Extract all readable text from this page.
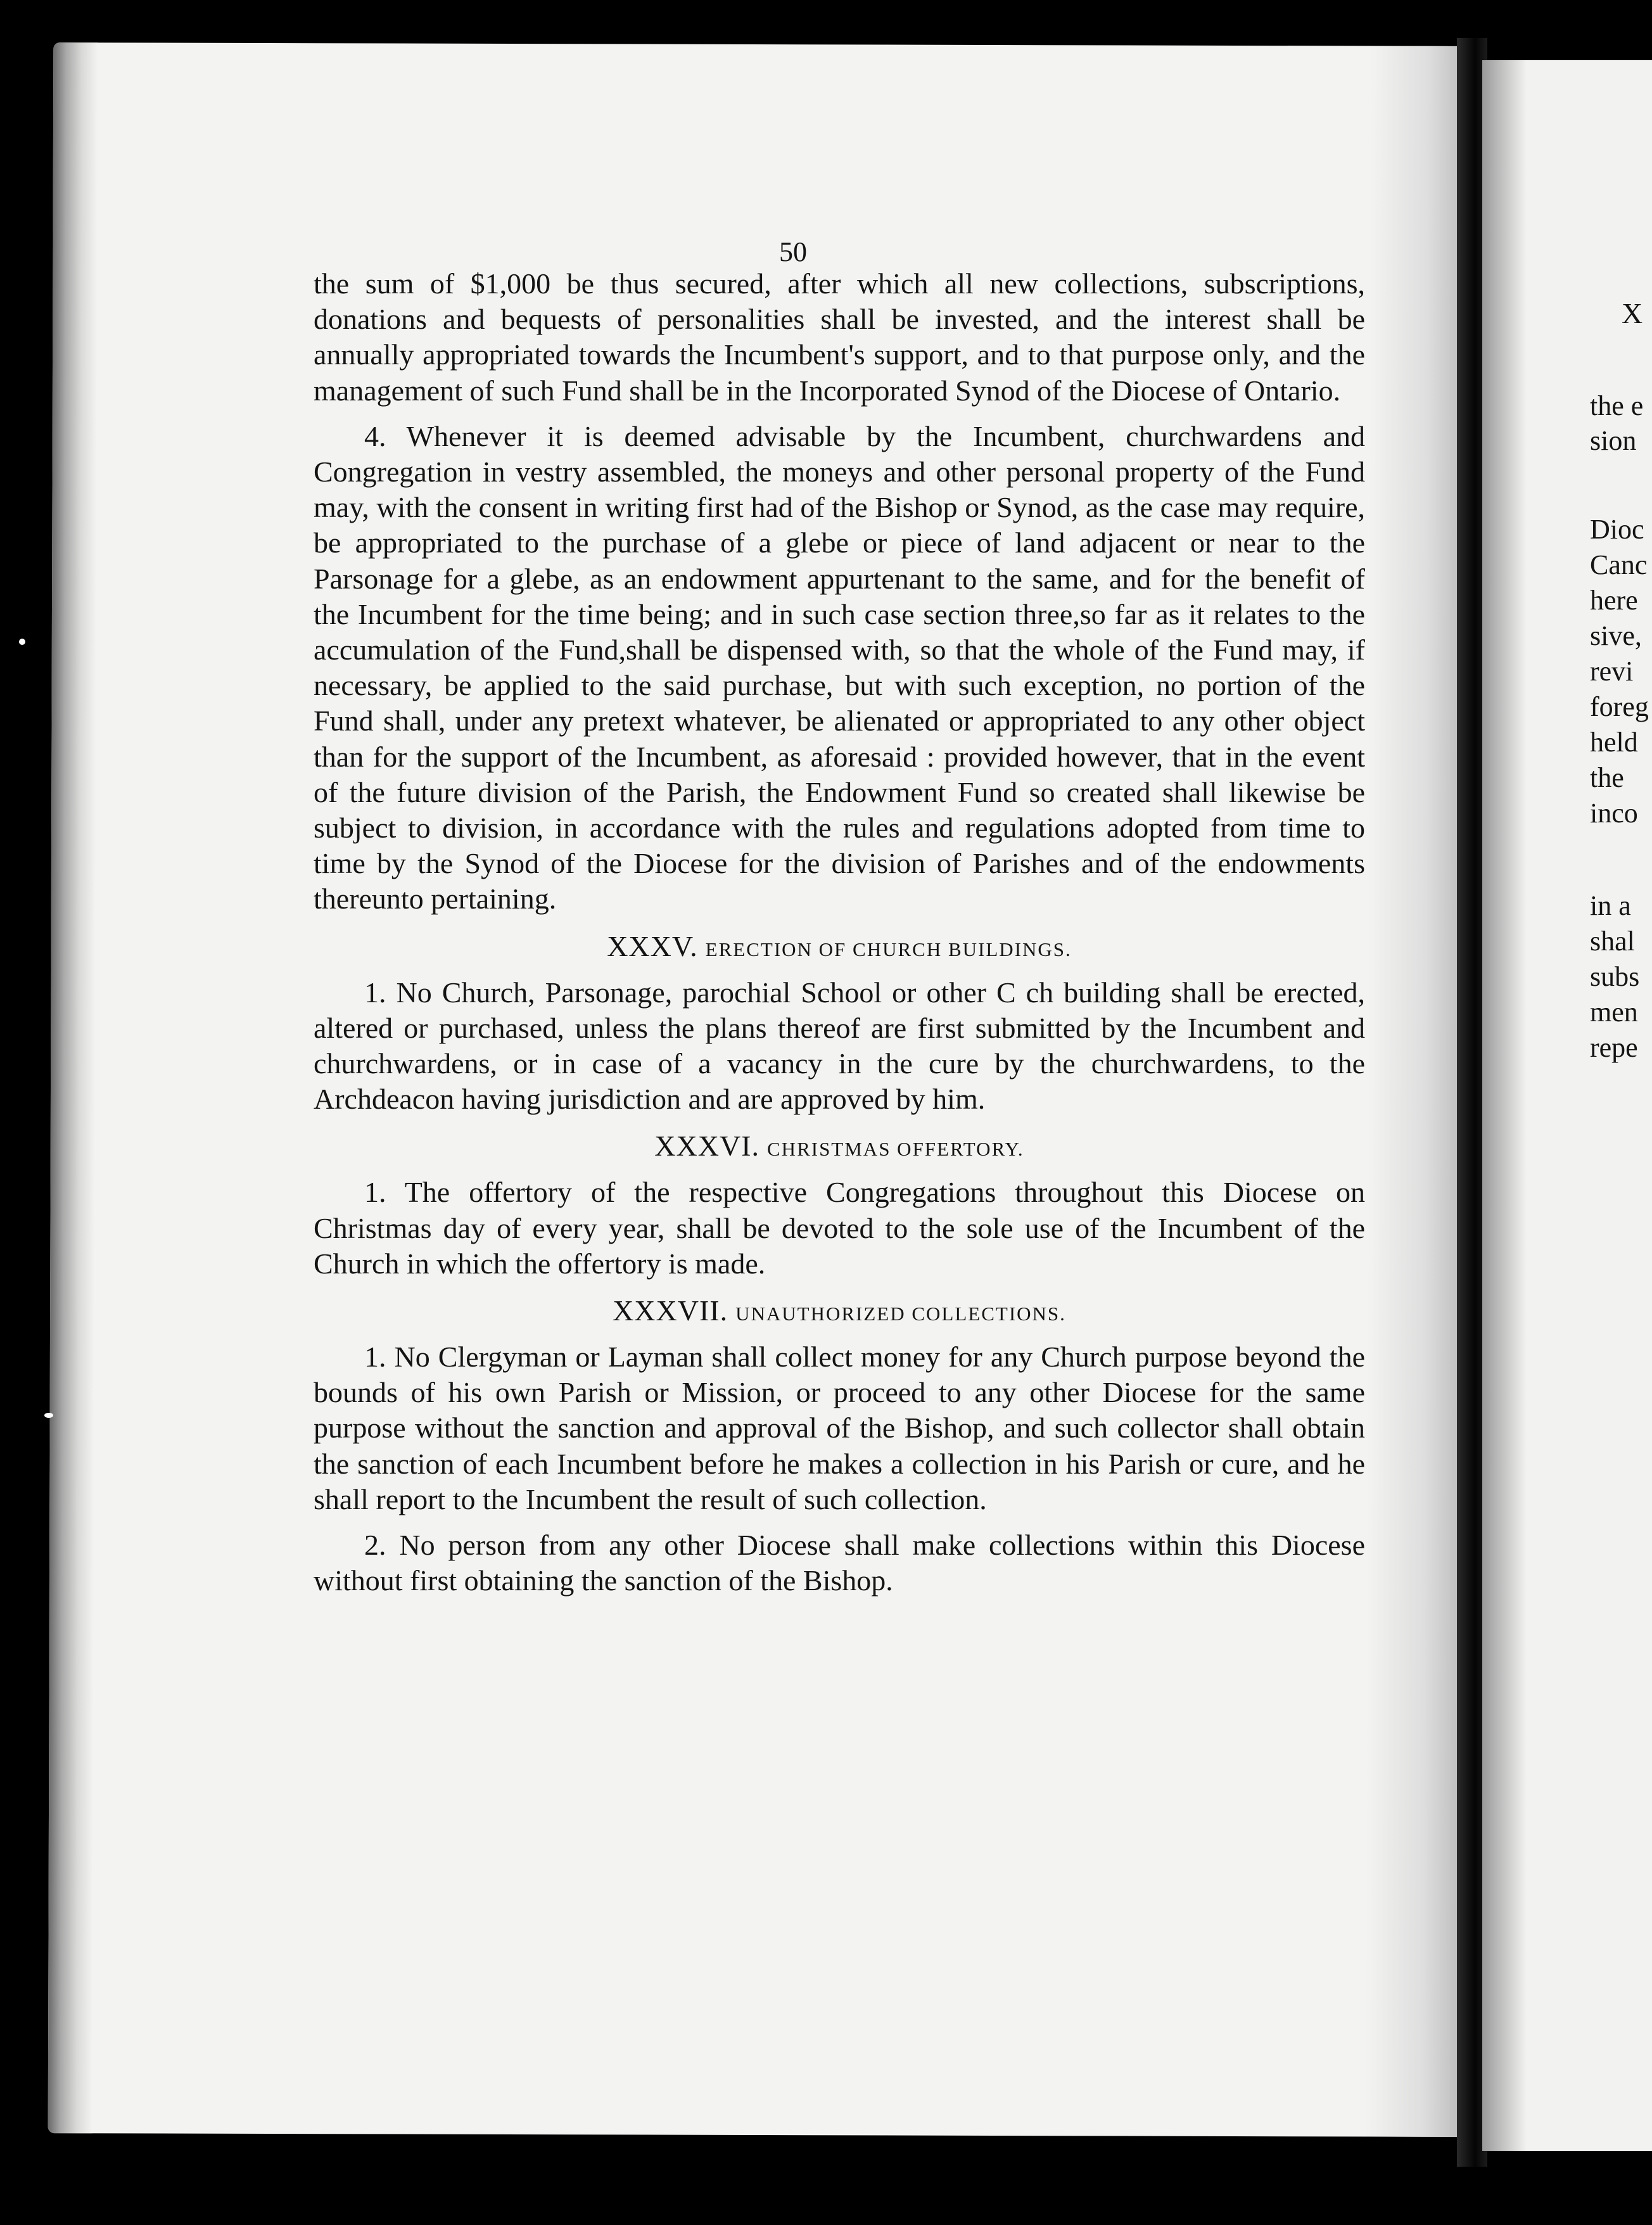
50

the sum of $1,000 be thus secured, after which all new collections, subscriptions, donations and bequests of personalities shall be invested, and the interest shall be annually appropriated towards the Incumbent's support, and to that purpose only, and the management of such Fund shall be in the Incorporated Synod of the Diocese of Ontario.

4. Whenever it is deemed advisable by the Incumbent, churchwardens and Congregation in vestry assembled, the moneys and other personal property of the Fund may, with the consent in writing first had of the Bishop or Synod, as the case may require, be appropriated to the purchase of a glebe or piece of land adjacent or near to the Parsonage for a glebe, as an endowment appurtenant to the same, and for the benefit of the Incumbent for the time being; and in such case section three,so far as it relates to the accumulation of the Fund,shall be dispensed with, so that the whole of the Fund may, if necessary, be applied to the said purchase, but with such exception, no portion of the Fund shall, under any pretext whatever, be alienated or appropriated to any other object than for the support of the Incumbent, as aforesaid : provided however, that in the event of the future division of the Parish, the Endowment Fund so created shall likewise be subject to division, in accordance with the rules and regulations adopted from time to time by the Synod of the Diocese for the division of Parishes and of the endowments thereunto pertaining.

XXXV. ERECTION OF CHURCH BUILDINGS.

1. No Church, Parsonage, parochial School or other C ch building shall be erected, altered or purchased, unless the plans thereof are first submitted by the Incumbent and churchwardens, or in case of a vacancy in the cure by the churchwardens, to the Archdeacon having jurisdiction and are approved by him.

XXXVI. CHRISTMAS OFFERTORY.

1. The offertory of the respective Congregations throughout this Diocese on Christmas day of every year, shall be devoted to the sole use of the Incumbent of the Church in which the offertory is made.

XXXVII. UNAUTHORIZED COLLECTIONS.

1. No Clergyman or Layman shall collect money for any Church purpose beyond the bounds of his own Parish or Mission, or proceed to any other Diocese for the same purpose without the sanction and approval of the Bishop, and such collector shall obtain the sanction of each Incumbent before he makes a collection in his Parish or cure, and he shall report to the Incumbent the result of such collection.

2. No person from any other Diocese shall make collections within this Diocese without first obtaining the sanction of the Bishop.

X
the e
sion
Dioc
Canc
here
sive,
revi
foreg
held
the
inco
in a
shal
subs
men
repe
